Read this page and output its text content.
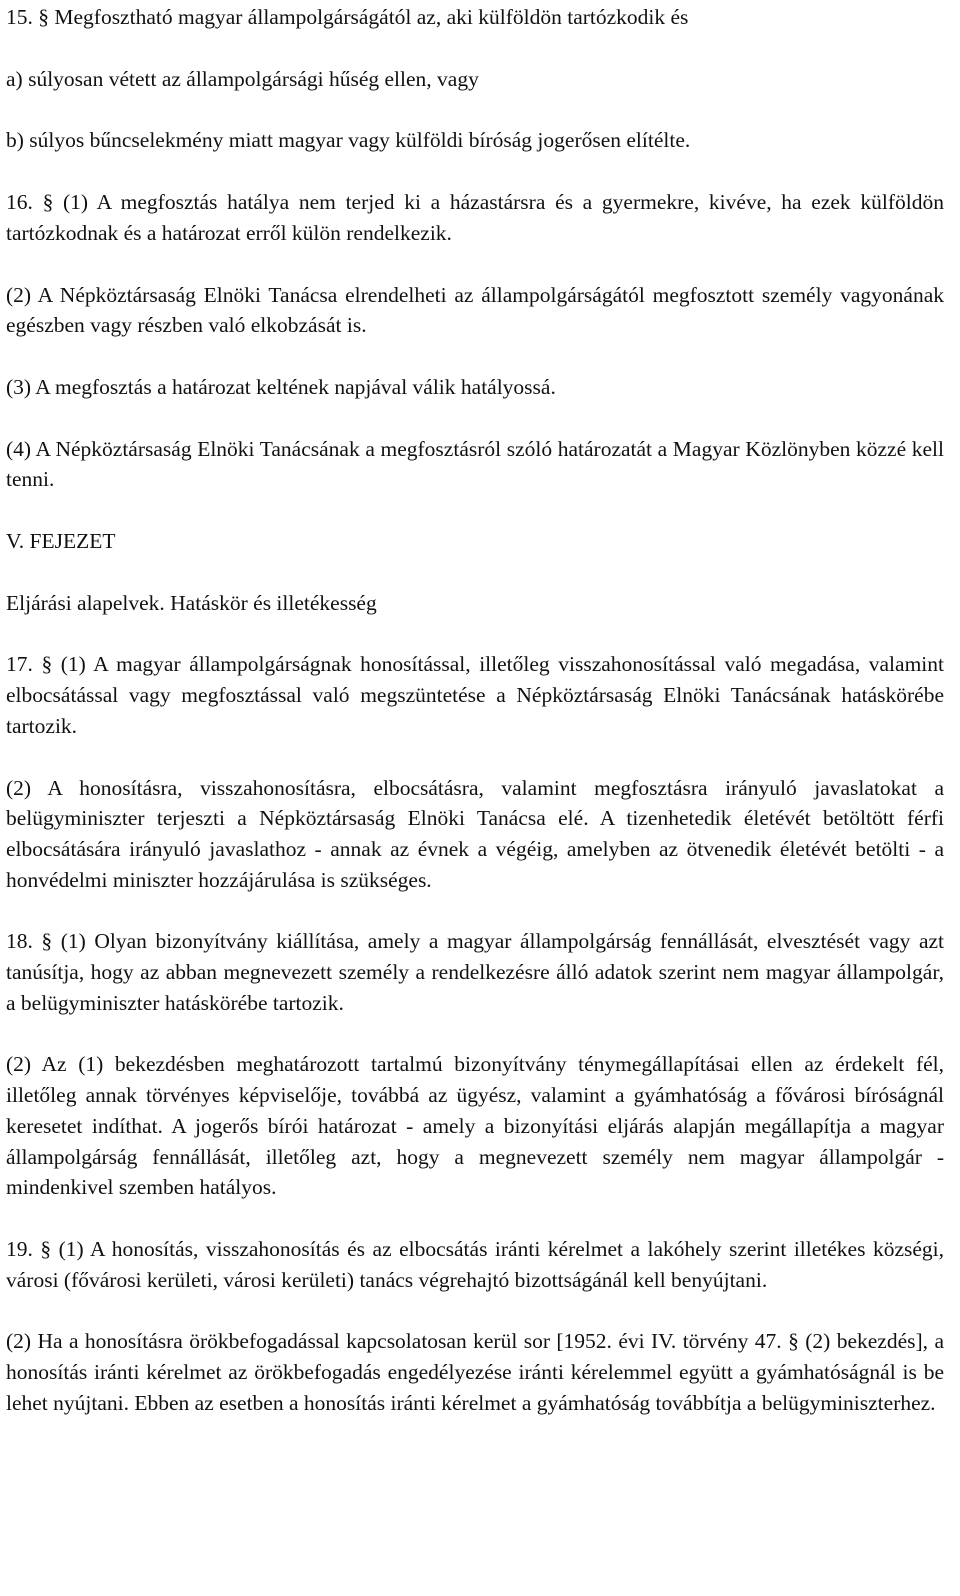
15. § Megfosztható magyar állampolgárságától az, aki külföldön tartózkodik és

a) súlyosan vétett az állampolgársági hűség ellen, vagy

b) súlyos bűncselekmény miatt magyar vagy külföldi bíróság jogerősen elítélte.

16. § (1) A megfosztás hatálya nem terjed ki a házastársra és a gyermekre, kivéve, ha ezek külföldön tartózkodnak és a határozat erről külön rendelkezik.

(2) A Népköztársaság Elnöki Tanácsa elrendelheti az állampolgárságától megfosztott személy vagyonának egészben vagy részben való elkobzását is.

(3) A megfosztás a határozat keltének napjával válik hatályossá.

(4) A Népköztársaság Elnöki Tanácsának a megfosztásról szóló határozatát a Magyar Közlönyben közzé kell tenni.

V. FEJEZET

Eljárási alapelvek. Hatáskör és illetékesség

17. § (1) A magyar állampolgárságnak honosítással, illetőleg visszahonosítással való megadása, valamint elbocsátással vagy megfosztással való megszüntetése a Népköztársaság Elnöki Tanácsának hatáskörébe tartozik.

(2) A honosításra, visszahonosításra, elbocsátásra, valamint megfosztásra irányuló javaslatokat a belügyminiszter terjeszti a Népköztársaság Elnöki Tanácsa elé. A tizenhetedik életévét betöltött férfi elbocsátására irányuló javaslathoz - annak az évnek a végéig, amelyben az ötvenedik életévét betölti - a honvédelmi miniszter hozzájárulása is szükséges.

18. § (1) Olyan bizonyítvány kiállítása, amely a magyar állampolgárság fennállását, elvesztését vagy azt tanúsítja, hogy az abban megnevezett személy a rendelkezésre álló adatok szerint nem magyar állampolgár, a belügyminiszter hatáskörébe tartozik.

(2) Az (1) bekezdésben meghatározott tartalmú bizonyítvány ténymegállapításai ellen az érdekelt fél, illetőleg annak törvényes képviselője, továbbá az ügyész, valamint a gyámhatóság a fővárosi bíróságnál keresetet indíthat. A jogerős bírói határozat - amely a bizonyítási eljárás alapján megállapítja a magyar állampolgárság fennállását, illetőleg azt, hogy a megnevezett személy nem magyar állampolgár - mindenkivel szemben hatályos.

19. § (1) A honosítás, visszahonosítás és az elbocsátás iránti kérelmet a lakóhely szerint illetékes községi, városi (fővárosi kerületi, városi kerületi) tanács végrehajtó bizottságánál kell benyújtani.

(2) Ha a honosításra örökbefogadással kapcsolatosan kerül sor [1952. évi IV. törvény 47. § (2) bekezdés], a honosítás iránti kérelmet az örökbefogadás engedélyezése iránti kérelemmel együtt a gyámhatóságnál is be lehet nyújtani. Ebben az esetben a honosítás iránti kérelmet a gyámhatóság továbbítja a belügyminiszterhez.
